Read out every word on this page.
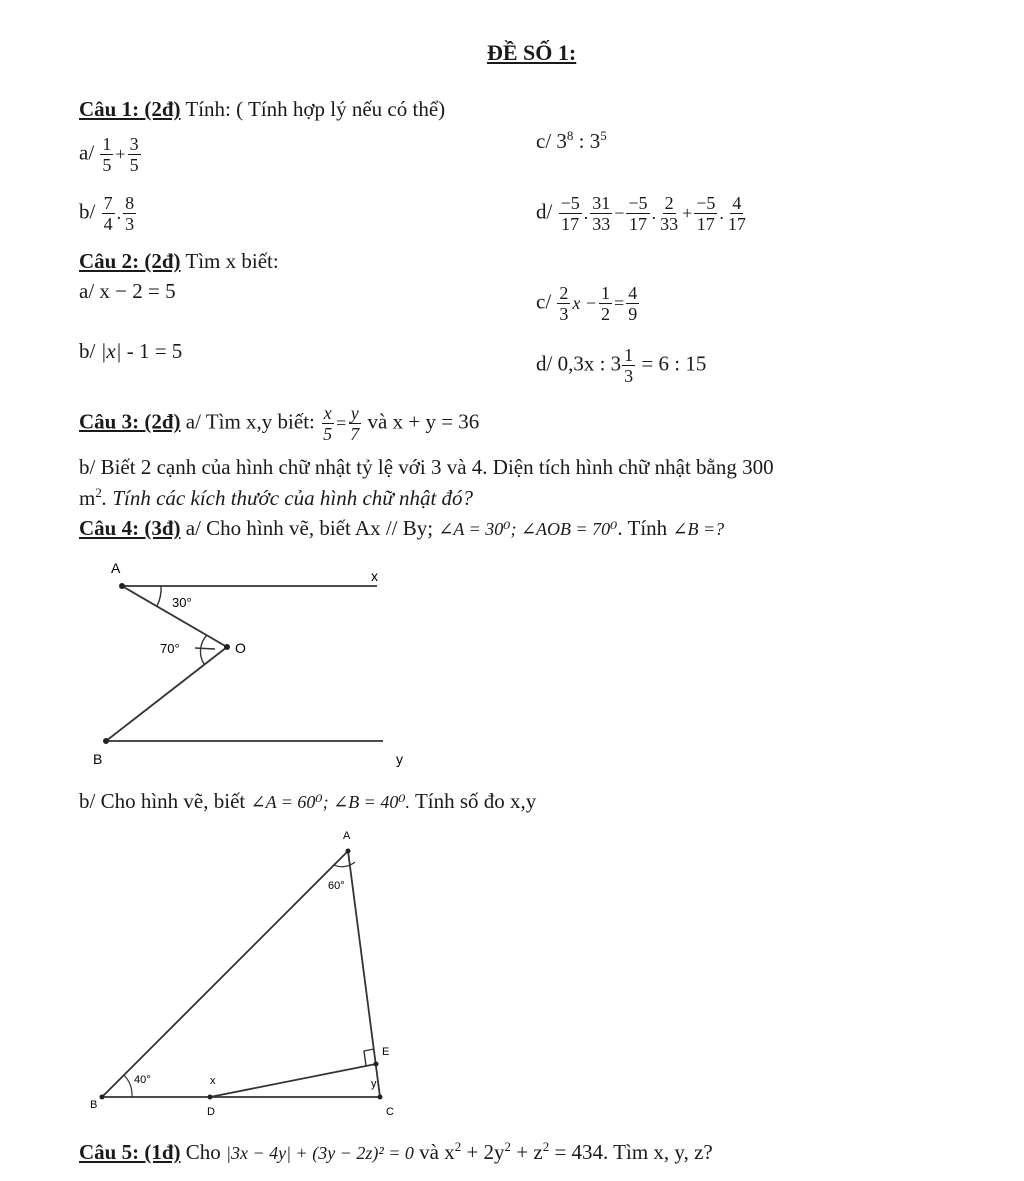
ĐỀ SỐ 1:
Câu 1: (2đ) Tính: ( Tính hợp lý nếu có thể)
$a/ \frac{1}{5} + \frac{3}{5}$	c/ $3^8$ : $3^5$
$b/ \frac{7}{4}$ . $\frac{8}{3}$	$d/ \frac{-5}{17}$ . $\frac{31}{33} - \frac{-5}{17}$ . $\frac{2}{33} + \frac{-5}{17}$ . $\frac{4}{17}$
Câu 2: (2đ) Tìm x biết:
a/ x − 2 = 5	$c/ \frac{2}{3}$ $x - \frac{1}{2} = \frac{4}{9}$
b/ |x| - 1 = 5
d/ 0,3x : $3 \frac{1}{3} = 6$ : 15
Câu 3: (2đ) a/ Tìm x,y biết: $\frac{x}{5} = \frac{y}{7}$ và x + y = 36
b/ Biết 2 cạnh của hình chữ nhật tỷ lệ với 3 và 4. Diện tích hình chữ nhật bằng 300
$m^2$. Tính các kích thước của hình chữ nhật đó?
Câu 4: (3đ) a/ Cho hình vẽ, biết Ax // By; ∠A = 30⁰; ∠AOB = 70⁰. Tính ∠B =?
A	x
30°
70°	O
B	y
b/ Cho hình vẽ, biết ∠A = 60⁰; ∠B = 40⁰. Tính số đo x,y
A
60°
40°
B
D
x	y
E
C
Câu 5: (1đ) Cho |3x − 4y| + (3y − 2z)² = 0 và $x^2 + 2y^2 + z^2 = 434$. Tìm x, y, z?
